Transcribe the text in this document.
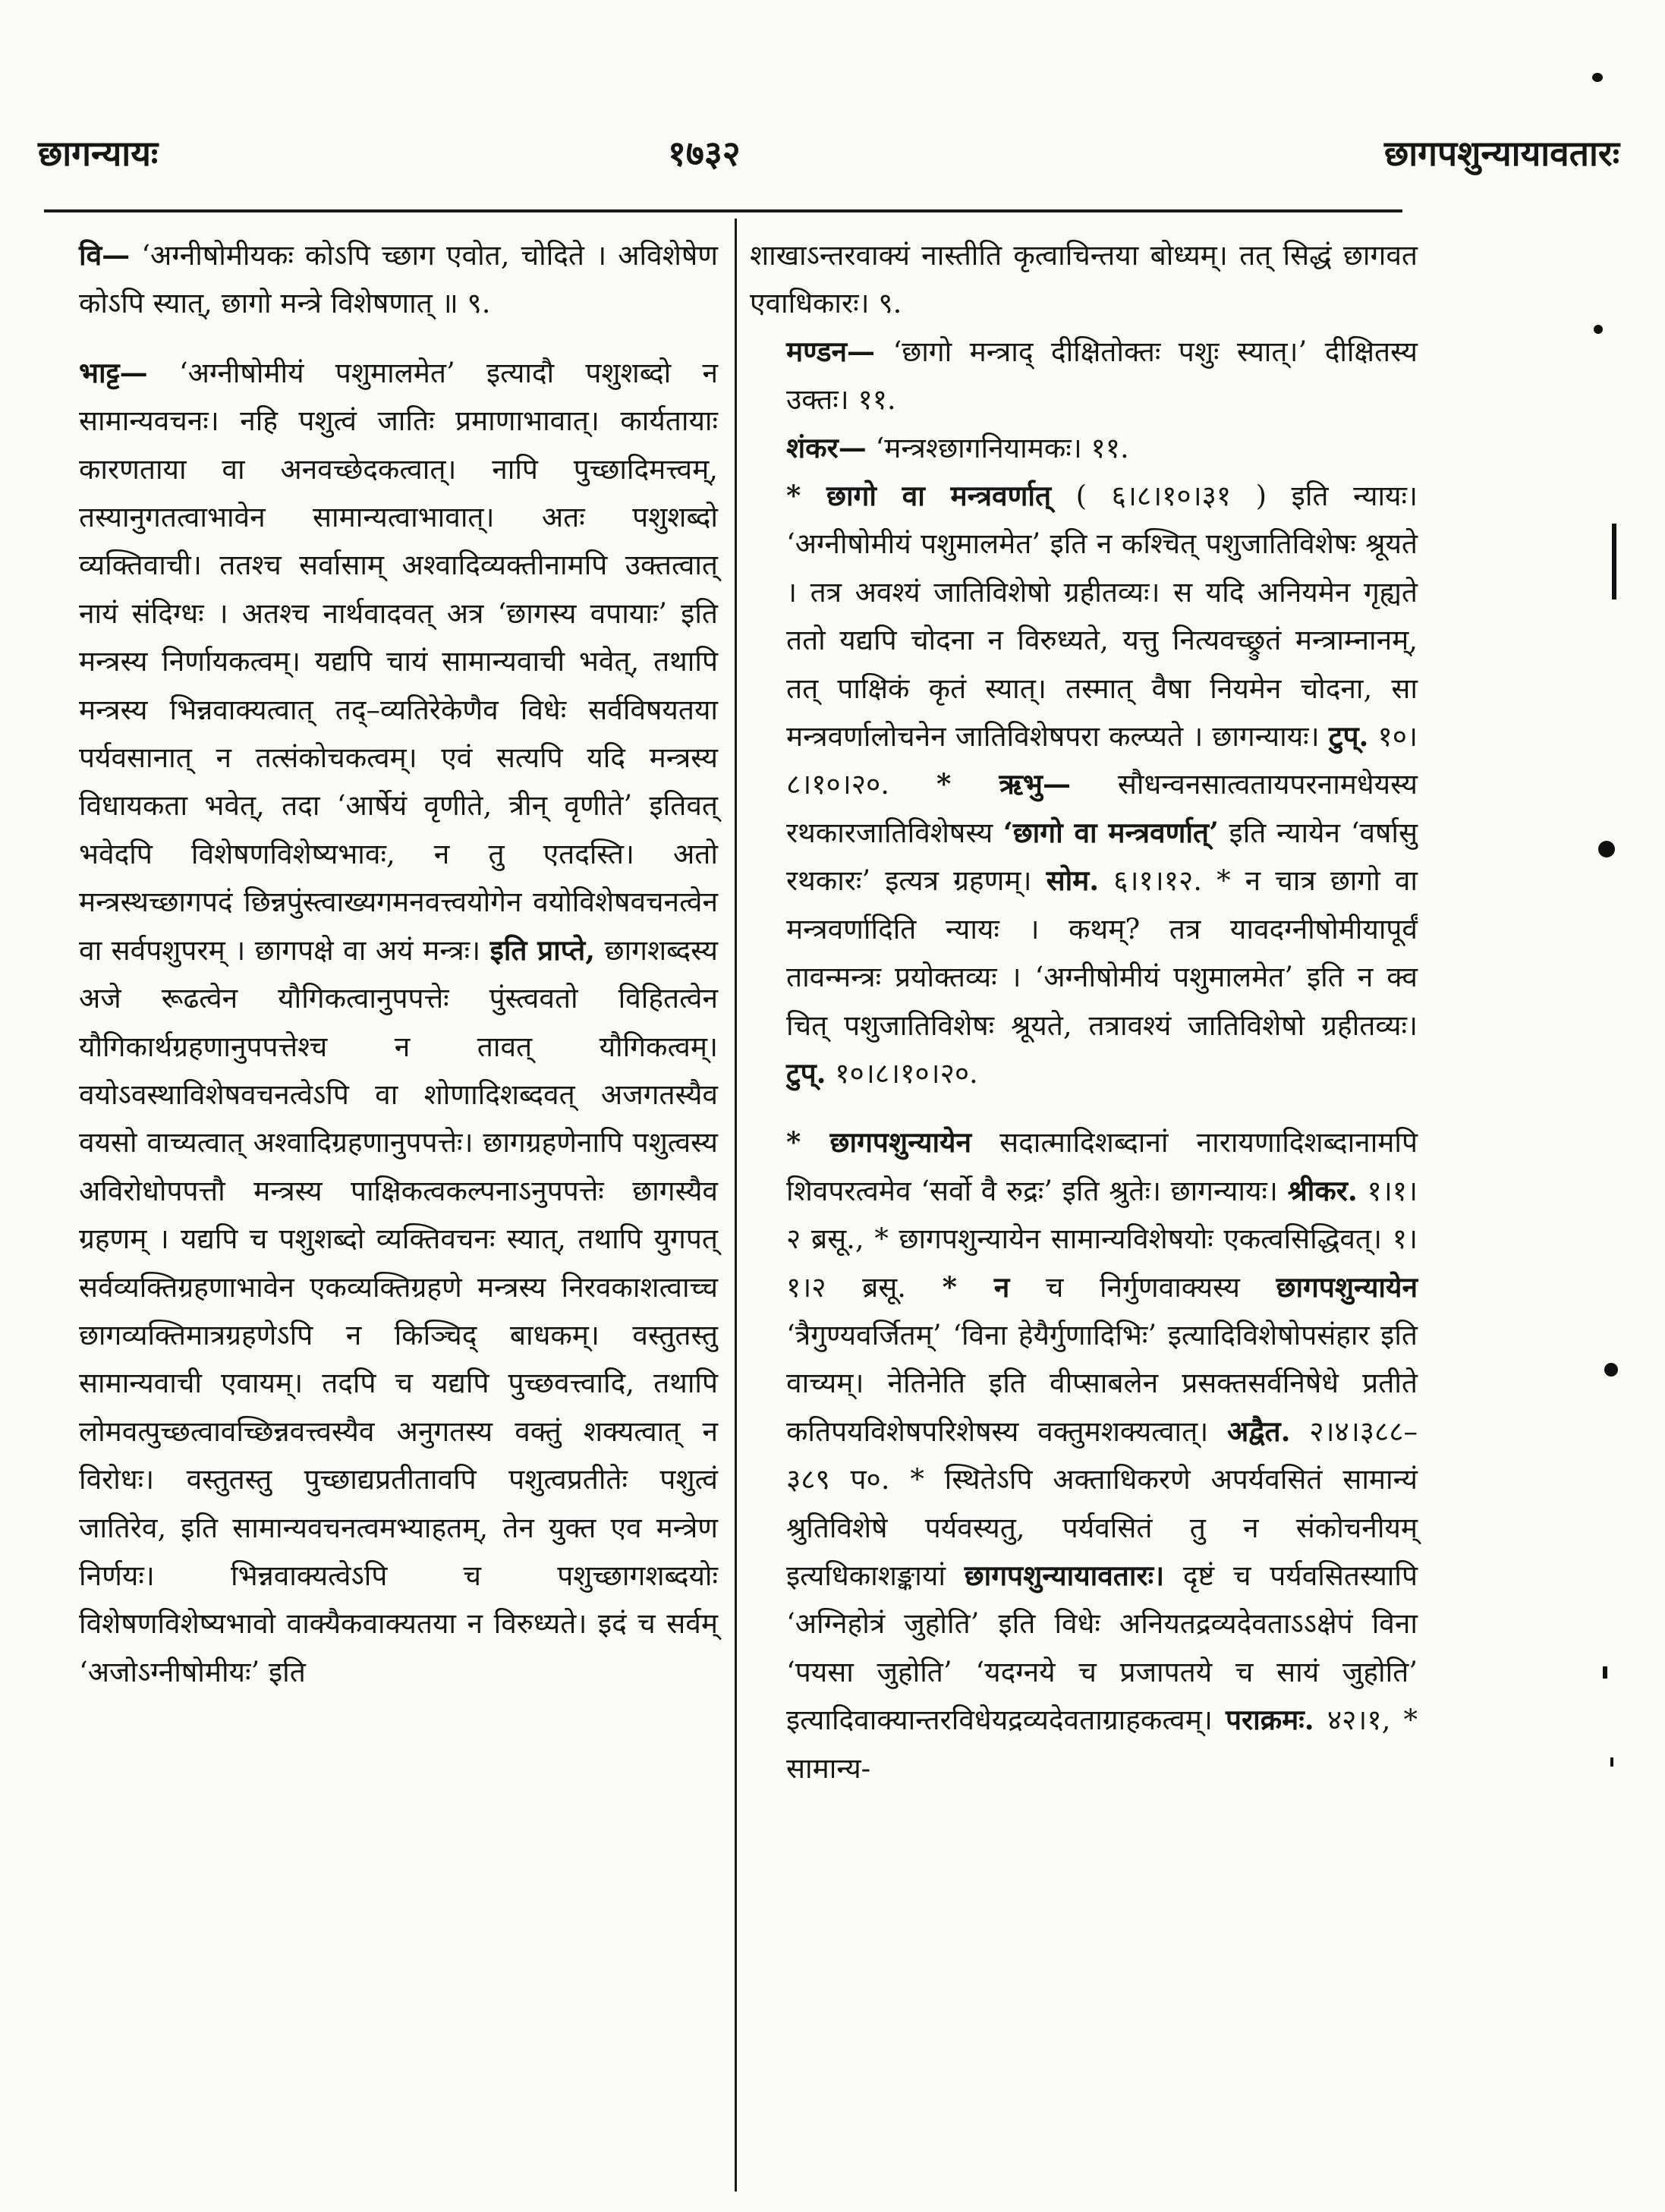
छागन्यायः	१७३२	छागपशुन्यायावतारः

वि— ‘अग्नीषोमीयकः कोऽपि च्छाग एवोत, चोदिते । अविशेषेण कोऽपि स्यात्, छागो मन्त्रे विशेषणात् ॥ ९.

भाट्ट— ‘अग्नीषोमीयं पशुमालमेत’ इत्यादौ पशुशब्दो न सामान्यवचनः। नहि पशुत्वं जातिः प्रमाणाभावात्। कार्यतायाः कारणताया वा अनवच्छेदकत्वात्। नापि पुच्छादिमत्त्वम्, तस्यानुगतत्वाभावेन सामान्यत्वाभावात्। अतः पशुशब्दो व्यक्तिवाची। ततश्च सर्वासाम् अश्वादिव्यक्तीनामपि उक्तत्वात् नायं संदिग्धः । अतश्च नार्थवादवत् अत्र ‘छागस्य वपायाः’ इति मन्त्रस्य निर्णायकत्वम्। यद्यपि चायं सामान्यवाची भवेत्, तथापि मन्त्रस्य भिन्नवाक्यत्वात् तद्–व्यतिरेकेणैव विधेः सर्वविषयतया पर्यवसानात् न तत्संकोचकत्वम्। एवं सत्यपि यदि मन्त्रस्य विधायकता भवेत्, तदा ‘आर्षेयं वृणीते, त्रीन् वृणीते’ इतिवत् भवेदपि विशेषणविशेष्यभावः, न तु एतदस्ति। अतो मन्त्रस्थच्छागपदं छिन्नपुंस्त्वाख्यगमनवत्त्वयोगेन वयोविशेषवचनत्वेन वा सर्वपशुपरम् । छागपक्षे वा अयं मन्त्रः। इति प्राप्ते, छागशब्दस्य अजे रूढत्वेन यौगिकत्वानुपपत्तेः पुंस्त्ववतो विहितत्वेन यौगिकार्थग्रहणानुपपत्तेश्च न तावत् यौगिकत्वम्। वयोऽवस्थाविशेषवचनत्वेऽपि वा शोणादिशब्दवत् अजगतस्यैव वयसो वाच्यत्वात् अश्वादिग्रहणानुपपत्तेः। छागग्रहणेनापि पशुत्वस्य अविरोधोपपत्तौ मन्त्रस्य पाक्षिकत्वकल्पनाऽनुपपत्तेः छागस्यैव ग्रहणम् । यद्यपि च पशुशब्दो व्यक्तिवचनः स्यात्, तथापि युगपत् सर्वव्यक्तिग्रहणाभावेन एकव्यक्तिग्रहणे मन्त्रस्य निरवकाशत्वाच्च छागव्यक्तिमात्रग्रहणेऽपि न किञ्चिद् बाधकम्। वस्तुतस्तु सामान्यवाची एवायम्। तदपि च यद्यपि पुच्छवत्त्वादि, तथापि लोमवत्पुच्छत्वावच्छिन्नवत्त्वस्यैव अनुगतस्य वक्तुं शक्यत्वात् न विरोधः। वस्तुतस्तु पुच्छाद्यप्रतीतावपि पशुत्वप्रतीतेः पशुत्वं जातिरेव, इति सामान्यवचनत्वमभ्याहतम्, तेन युक्त एव मन्त्रेण निर्णयः। भिन्नवाक्यत्वेऽपि च पशुच्छागशब्दयोः विशेषणविशेष्यभावो वाक्यैकवाक्यतया न विरुध्यते। इदं च सर्वम् ‘अजोऽग्नीषोमीयः’ इति

शाखाऽन्तरवाक्यं नास्तीति कृत्वाचिन्तया बोध्यम्। तत् सिद्धं छागवत एवाधिकारः। ९.

मण्डन— ‘छागो मन्त्राद् दीक्षितोक्तः पशुः स्यात्।’ दीक्षितस्य उक्तः। ११.

शंकर— ‘मन्त्रश्छागनियामकः। ११.

* छागो वा मन्त्रवर्णात् ( ६।८।१०।३१ ) इति न्यायः। ‘अग्नीषोमीयं पशुमालमेत’ इति न कश्चित् पशुजातिविशेषः श्रूयते । तत्र अवश्यं जातिविशेषो ग्रहीतव्यः। स यदि अनियमेन गृह्यते ततो यद्यपि चोदना न विरुध्यते, यत्तु नित्यवच्छ्रुतं मन्त्राम्नानम्, तत् पाक्षिकं कृतं स्यात्। तस्मात् वैषा नियमेन चोदना, सा मन्त्रवर्णालोचनेन जातिविशेषपरा कल्प्यते । छागन्यायः। टुप्. १०।८।१०।२०. * ऋभु— सौधन्वनसात्वतायपरनामधेयस्य रथकारजातिविशेषस्य ‘छागो वा मन्त्रवर्णात्’ इति न्यायेन ‘वर्षासु रथकारः’ इत्यत्र ग्रहणम्। सोम. ६।१।१२. * न चात्र छागो वा मन्त्रवर्णादिति न्यायः । कथम्? तत्र यावदग्नीषोमीयापूर्वं तावन्मन्त्रः प्रयोक्तव्यः । ‘अग्नीषोमीयं पशुमालमेत’ इति न क्व चित् पशुजातिविशेषः श्रूयते, तत्रावश्यं जातिविशेषो ग्रहीतव्यः। टुप्. १०।८।१०।२०.

* छागपशुन्यायेन सदात्मादिशब्दानां नारायणादिशब्दानामपि शिवपरत्वमेव ‘सर्वो वै रुद्रः’ इति श्रुतेः। छागन्यायः। श्रीकर. १।१।२ ब्रसू., * छागपशुन्यायेन सामान्यविशेषयोः एकत्वसिद्धिवत्। १।१।२ ब्रसू. * न च निर्गुणवाक्यस्य छागपशुन्यायेन ‘त्रैगुण्यवर्जितम्’ ‘विना हेयैर्गुणादिभिः’ इत्यादिविशेषोपसंहार इति वाच्यम्। नेतिनेति इति वीप्साबलेन प्रसक्तसर्वनिषेधे प्रतीते कतिपयविशेषपरिशेषस्य वक्तुमशक्यत्वात्। अद्वैत. २।४।३८८–३८९ प०. * स्थितेऽपि अक्ताधिकरणे अपर्यवसितं सामान्यं श्रुतिविशेषे पर्यवस्यतु, पर्यवसितं तु न संकोचनीयम् इत्यधिकाशङ्कायां छागपशुन्यायावतारः। दृष्टं च पर्यवसितस्यापि ‘अग्निहोत्रं जुहोति’ इति विधेः अनियतद्रव्यदेवताऽऽक्षेपं विना ‘पयसा जुहोति’ ‘यदग्नये च प्रजापतये च सायं जुहोति’ इत्यादिवाक्यान्तरविधेयद्रव्यदेवताग्राहकत्वम्। पराक्रमः. ४२।१, * सामान्य-
